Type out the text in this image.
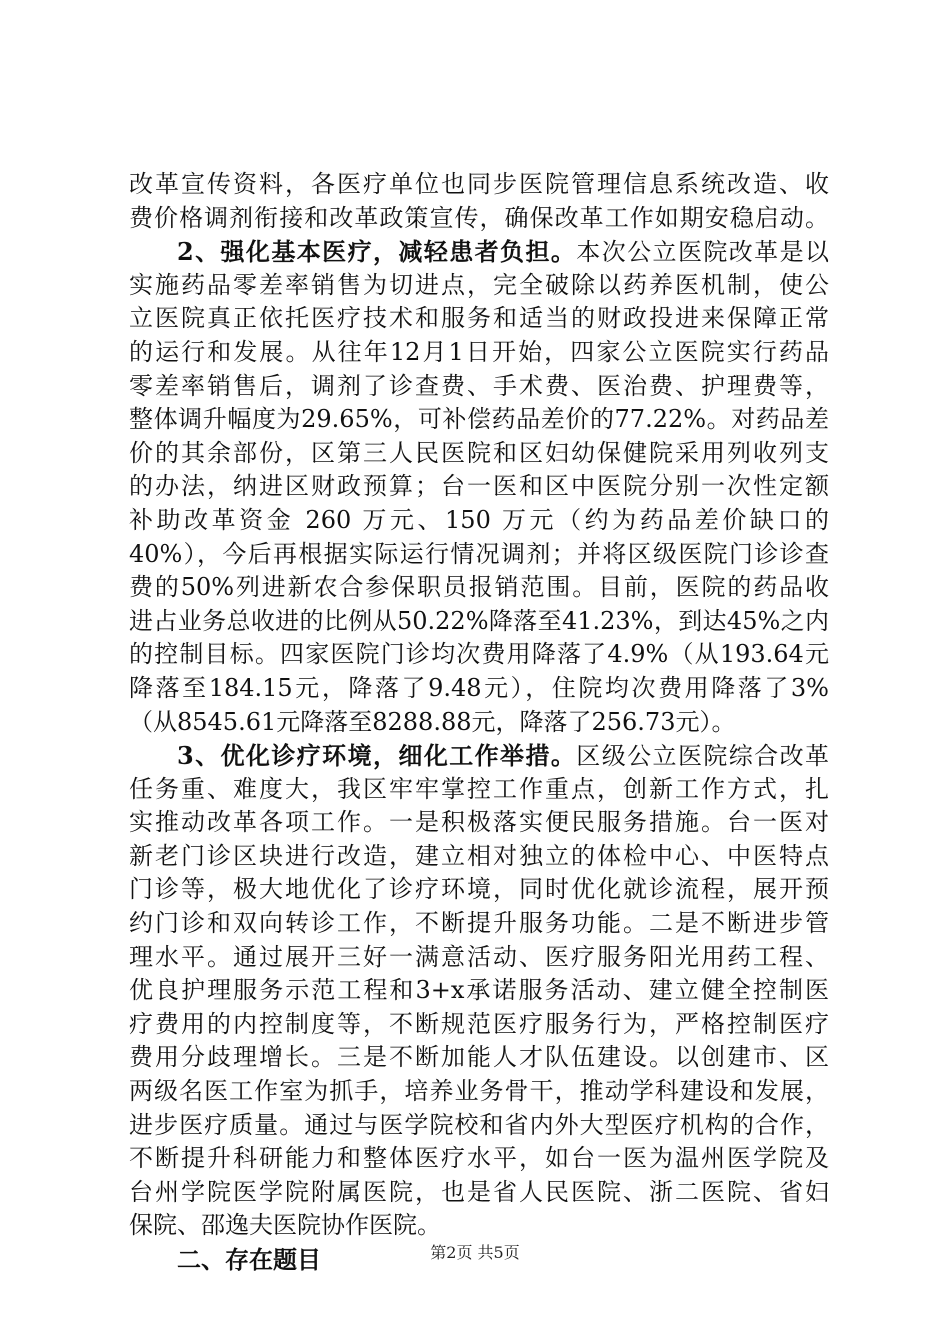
改革宣传资料，各医疗单位也同步医院管理信息系统改造、收
费价格调剂衔接和改革政策宣传，确保改革工作如期安稳启动。
2、强化基本医疗，减轻患者负担。本次公立医院改革是以
实施药品零差率销售为切进点，完全破除以药养医机制，使公
立医院真正依托医疗技术和服务和适当的财政投进来保障正常
的运行和发展。从往年12月1日开始，四家公立医院实行药品
零差率销售后，调剂了诊查费、手术费、医治费、护理费等，
整体调升幅度为29.65%，可补偿药品差价的77.22%。对药品差
价的其余部份，区第三人民医院和区妇幼保健院采用列收列支
的办法，纳进区财政预算；台一医和区中医院分别一次性定额
补助改革资金 260 万元、150 万元（约为药品差价缺口的
40%），今后再根据实际运行情况调剂；并将区级医院门诊诊查
费的50%列进新农合参保职员报销范围。目前，医院的药品收
进占业务总收进的比例从50.22%降落至41.23%，到达45%之内
的控制目标。四家医院门诊均次费用降落了4.9%（从193.64元
降落至184.15元，降落了9.48元），住院均次费用降落了3%
（从8545.61元降落至8288.88元，降落了256.73元）。
3、优化诊疗环境，细化工作举措。区级公立医院综合改革
任务重、难度大，我区牢牢掌控工作重点，创新工作方式，扎
实推动改革各项工作。一是积极落实便民服务措施。台一医对
新老门诊区块进行改造，建立相对独立的体检中心、中医特点
门诊等，极大地优化了诊疗环境，同时优化就诊流程，展开预
约门诊和双向转诊工作，不断提升服务功能。二是不断进步管
理水平。通过展开三好一满意活动、医疗服务阳光用药工程、
优良护理服务示范工程和3+x承诺服务活动、建立健全控制医
疗费用的内控制度等，不断规范医疗服务行为，严格控制医疗
费用分歧理增长。三是不断加能人才队伍建设。以创建市、区
两级名医工作室为抓手，培养业务骨干，推动学科建设和发展，
进步医疗质量。通过与医学院校和省内外大型医疗机构的合作，
不断提升科研能力和整体医疗水平，如台一医为温州医学院及
台州学院医学院附属医院，也是省人民医院、浙二医院、省妇
保院、邵逸夫医院协作医院。
二、存在题目	第2页 共5页
